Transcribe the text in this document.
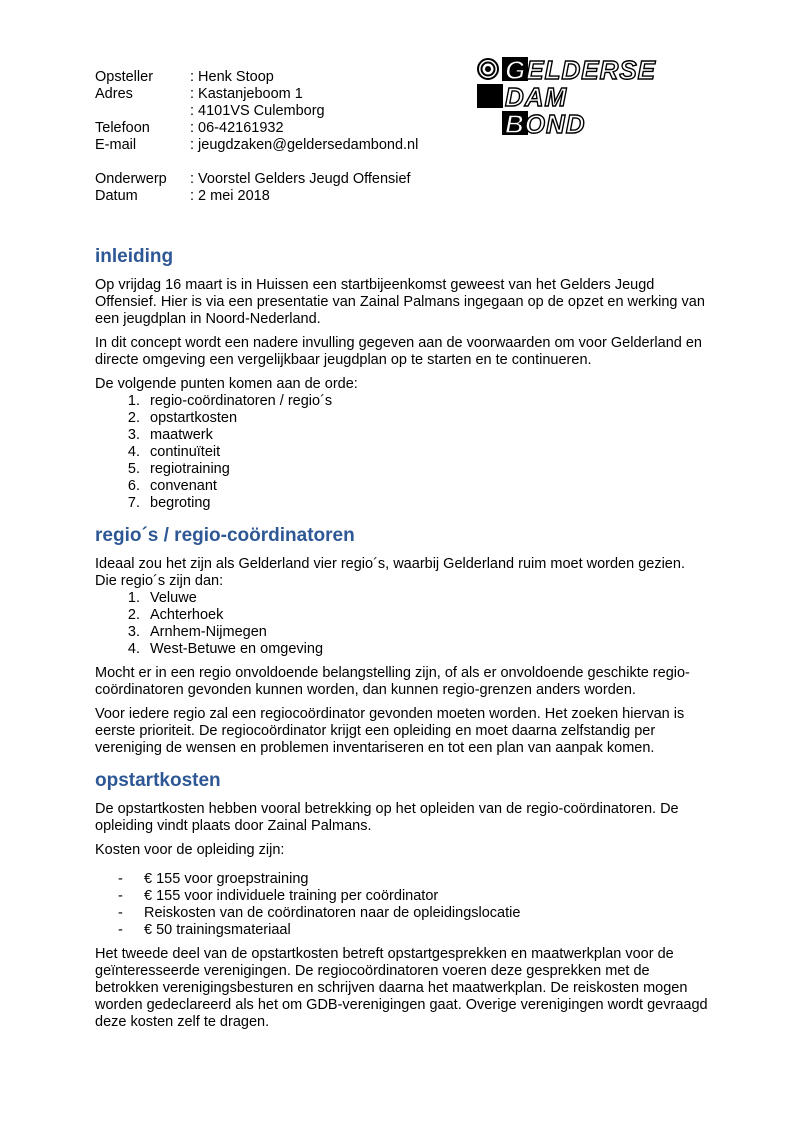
Opsteller	: Henk Stoop
Adres	: Kastanjeboom 1
: 4101VS Culemborg
Telefoon	: 06-42161932
E-mail	: jeugdzaken@geldersedambond.nl
Onderwerp	: Voorstel Gelders Jeugd Offensief
Datum	: 2 mei 2018
GELDERSE
DAM
BOND
inleiding

Op vrijdag 16 maart is in Huissen een startbijeenkomst geweest van het Gelders Jeugd Offensief. Hier is via een presentatie van Zainal Palmans ingegaan op de opzet en werking van een jeugdplan in Noord-Nederland.

In dit concept wordt een nadere invulling gegeven aan de voorwaarden om voor Gelderland en directe omgeving een vergelijkbaar jeugdplan op te starten en te continueren.

De volgende punten komen aan de orde:

1. regio-coördinatoren / regio´s
2. opstartkosten
3. maatwerk
4. continuïteit
5. regiotraining
6. convenant
7. begroting
regio´s / regio-coördinatoren

Ideaal zou het zijn als Gelderland vier regio´s, waarbij Gelderland ruim moet worden gezien. Die regio´s zijn dan:

1. Veluwe
2. Achterhoek
3. Arnhem-Nijmegen
4. West-Betuwe en omgeving

Mocht er in een regio onvoldoende belangstelling zijn, of als er onvoldoende geschikte regio-coördinatoren gevonden kunnen worden, dan kunnen regio-grenzen anders worden.

Voor iedere regio zal een regiocoördinator gevonden moeten worden. Het zoeken hiervan is eerste prioriteit. De regiocoördinator krijgt een opleiding en moet daarna zelfstandig per vereniging de wensen en problemen inventariseren en tot een plan van aanpak komen.

opstartkosten

De opstartkosten hebben vooral betrekking op het opleiden van de regio-coördinatoren. De opleiding vindt plaats door Zainal Palmans.

Kosten voor de opleiding zijn:

- € 155 voor groepstraining
- € 155 voor individuele training per coördinator
- Reiskosten van de coördinatoren naar de opleidingslocatie
- € 50 trainingsmateriaal

Het tweede deel van de opstartkosten betreft opstartgesprekken en maatwerkplan voor de geïnteresseerde verenigingen. De regiocoördinatoren voeren deze gesprekken met de betrokken verenigingsbesturen en schrijven daarna het maatwerkplan. De reiskosten mogen worden gedeclareerd als het om GDB-verenigingen gaat. Overige verenigingen wordt gevraagd deze kosten zelf te dragen.
